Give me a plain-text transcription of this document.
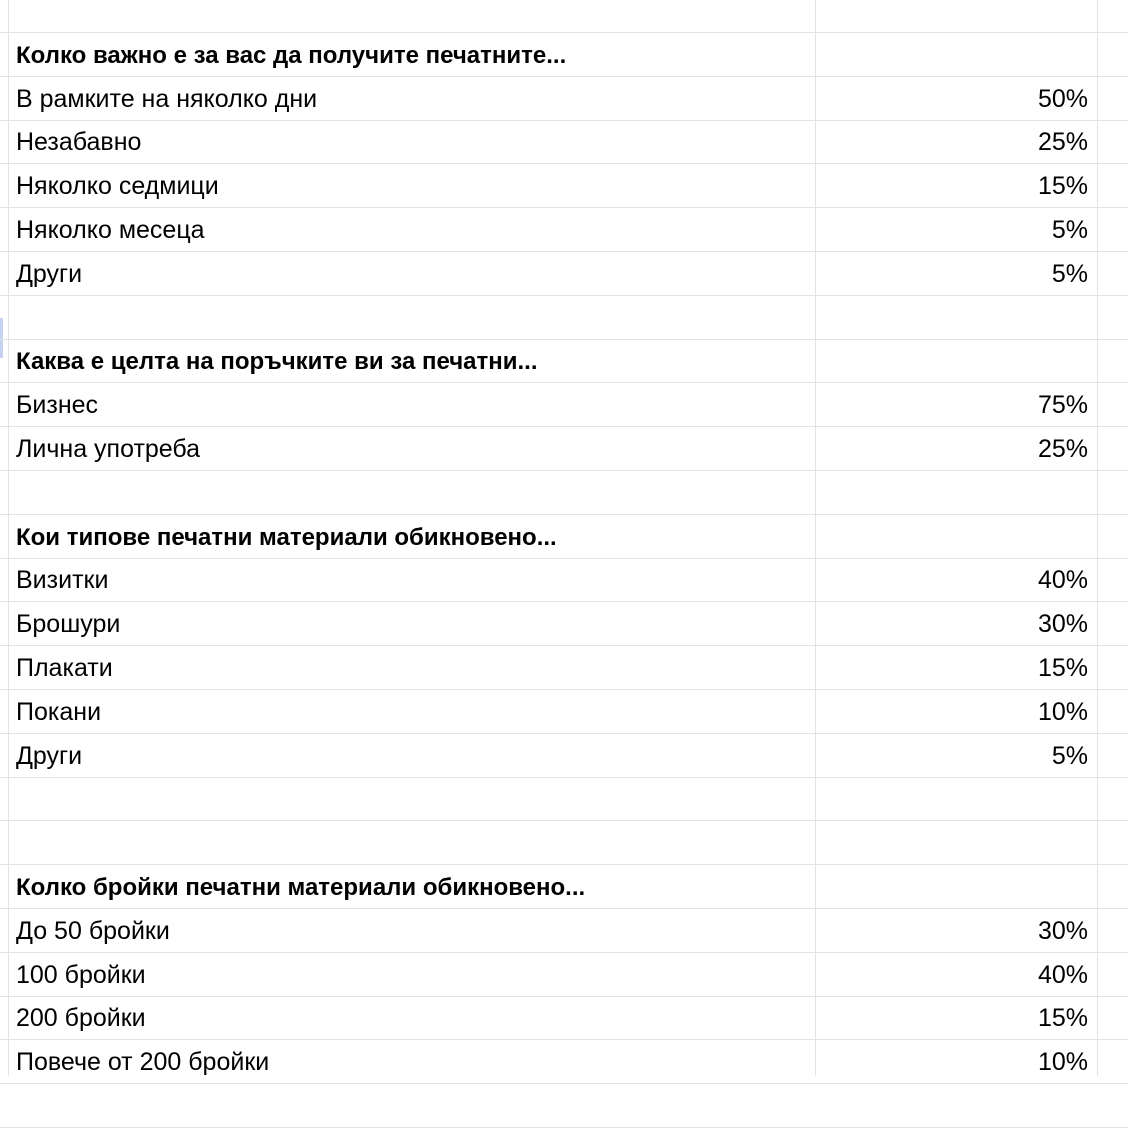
Колко важно е за вас да получите печатните...
В рамките на няколко дни	50%
Незабавно	25%
Няколко седмици	15%
Няколко месеца	5%
Други	5%
Каква е целта на поръчките ви за печатни...
Бизнес	75%
Лична употреба	25%
Кои типове печатни материали обикновено...
Визитки	40%
Брошури	30%
Плакати	15%
Покани	10%
Други	5%
Колко бройки печатни материали обикновено...
До 50 бройки	30%
100 бройки	40%
200 бройки	15%
Повече от 200 бройки	10%
